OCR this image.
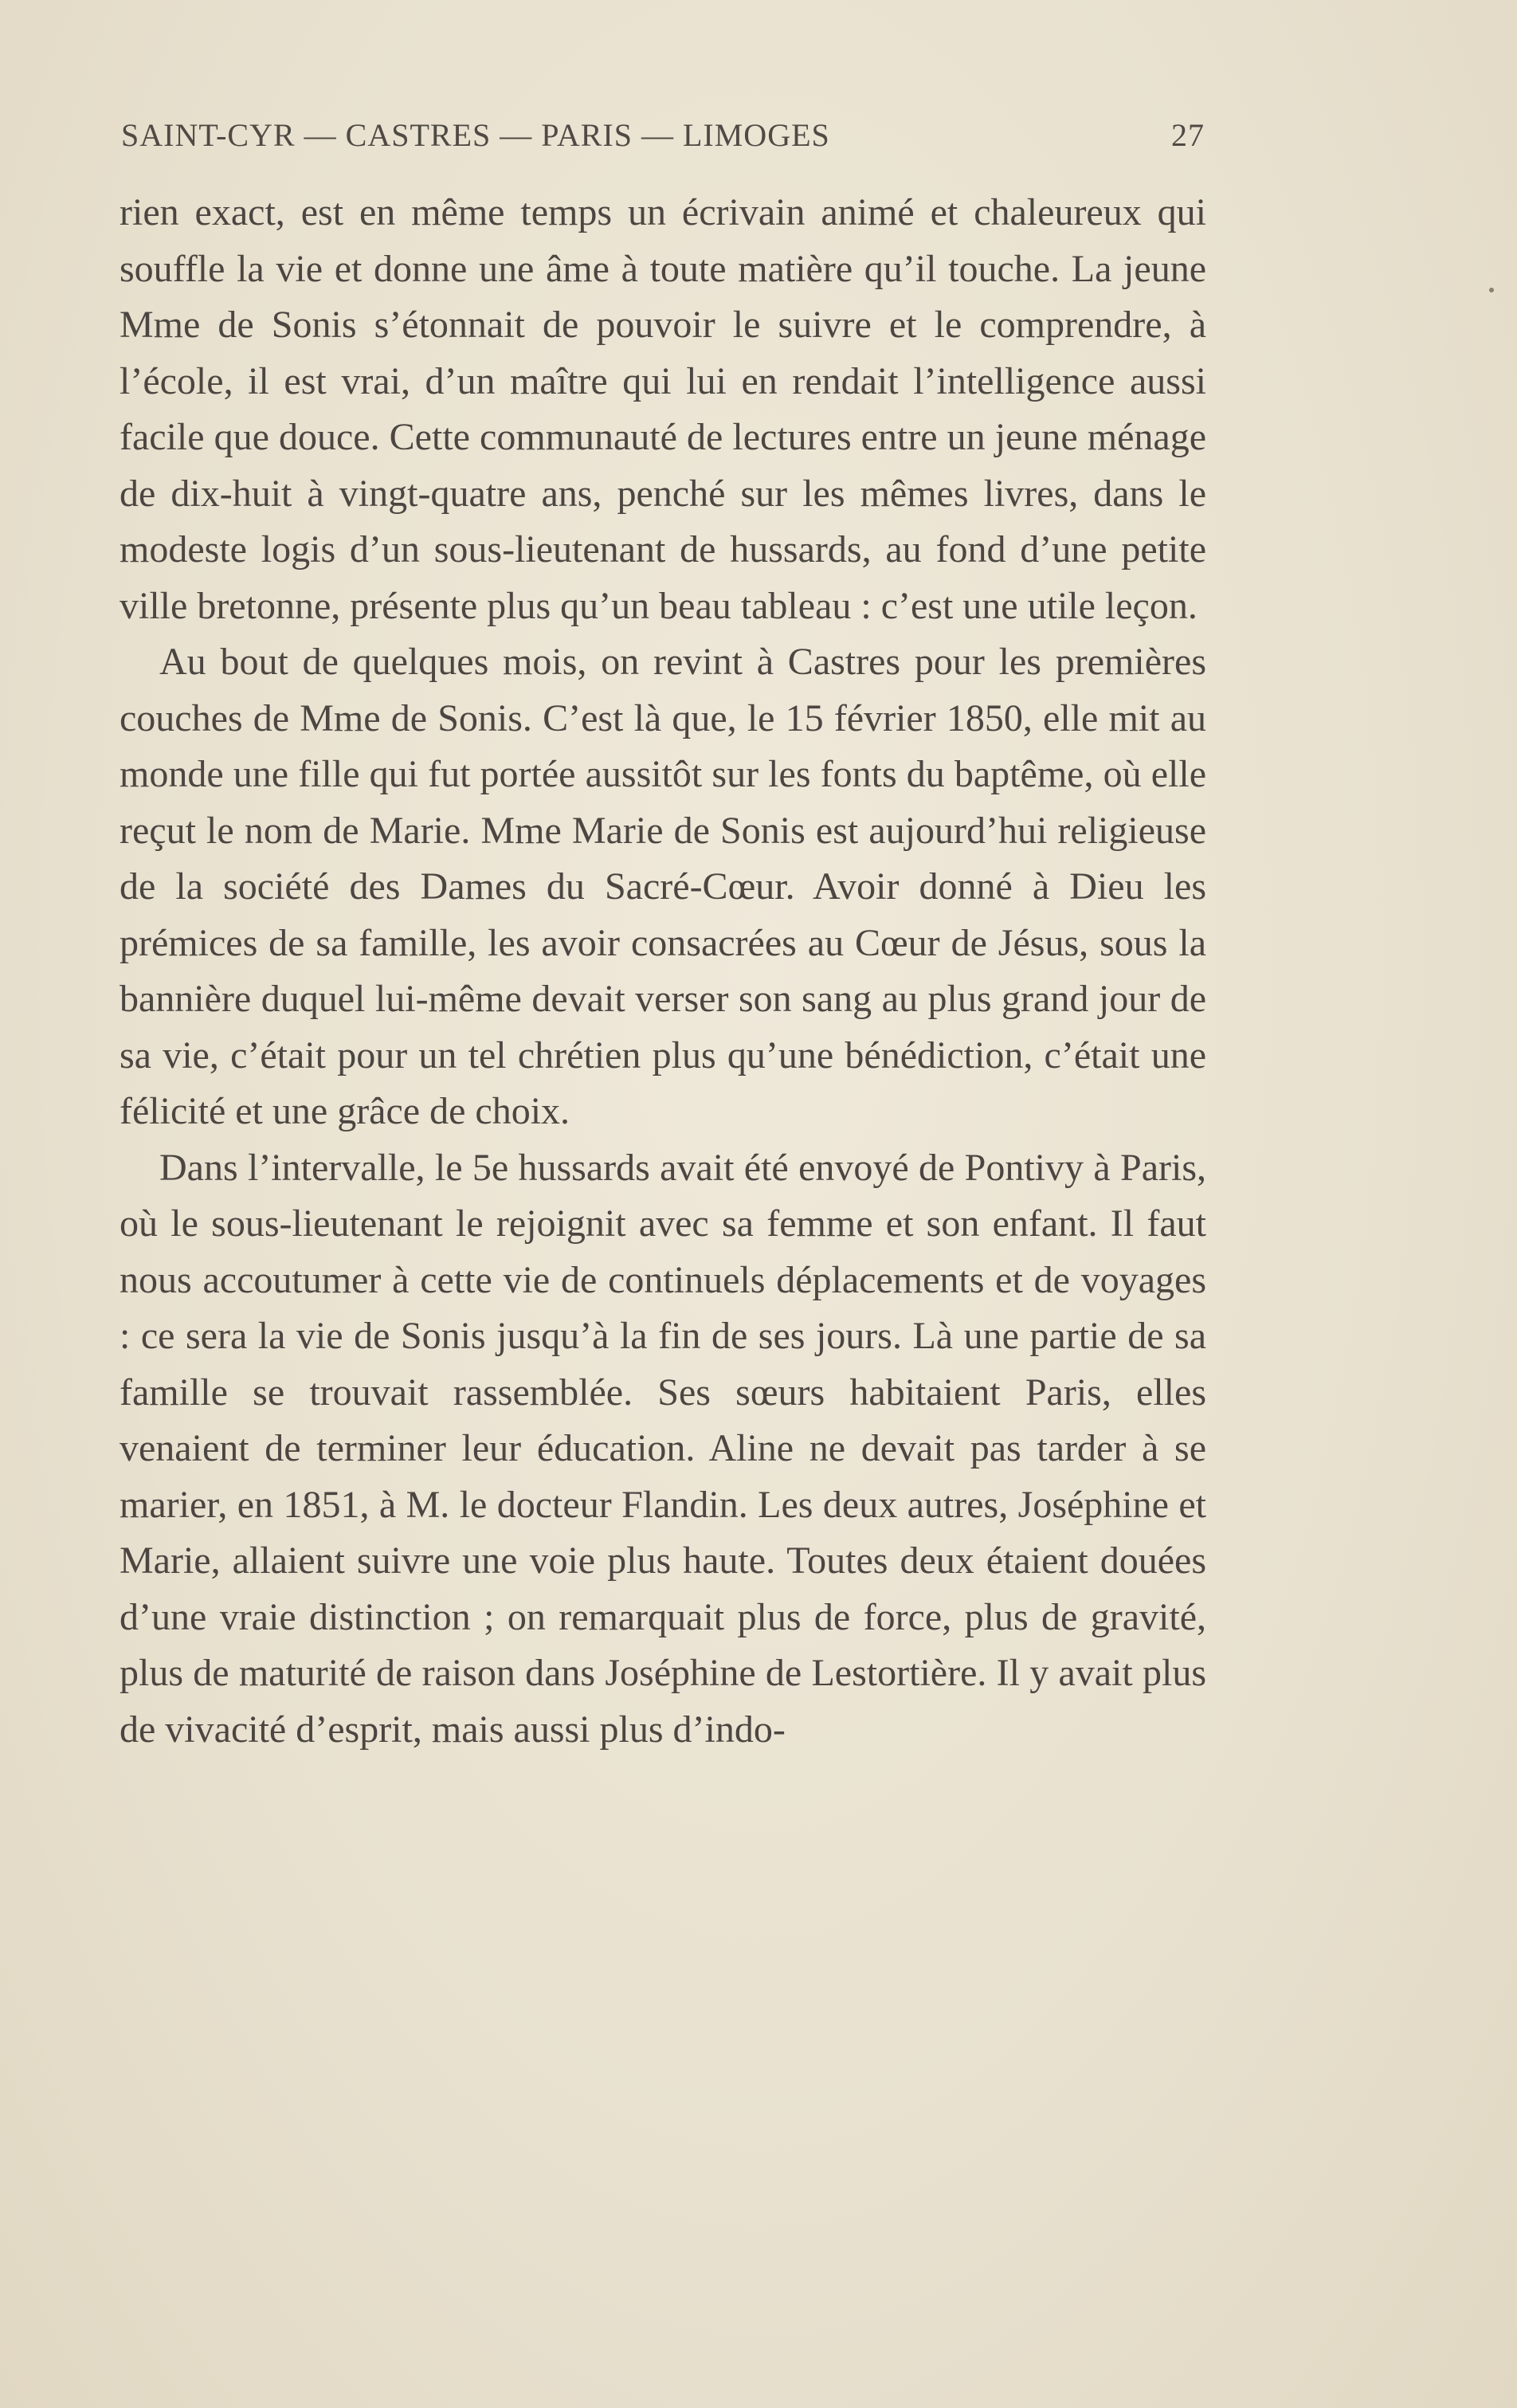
SAINT-CYR — CASTRES — PARIS — LIMOGES	27

rien exact, est en même temps un écrivain animé et chaleureux qui souffle la vie et donne une âme à toute matière qu’il touche. La jeune Mme de Sonis s’étonnait de pouvoir le suivre et le comprendre, à l’école, il est vrai, d’un maître qui lui en rendait l’intelligence aussi facile que douce. Cette communauté de lectures entre un jeune ménage de dix-huit à vingt-quatre ans, penché sur les mêmes livres, dans le modeste logis d’un sous-lieutenant de hussards, au fond d’une petite ville bretonne, présente plus qu’un beau tableau : c’est une utile leçon.

Au bout de quelques mois, on revint à Castres pour les premières couches de Mme de Sonis. C’est là que, le 15 février 1850, elle mit au monde une fille qui fut portée aussitôt sur les fonts du baptême, où elle reçut le nom de Marie. Mme Marie de Sonis est aujourd’hui religieuse de la société des Dames du Sacré-Cœur. Avoir donné à Dieu les prémices de sa famille, les avoir consacrées au Cœur de Jésus, sous la bannière duquel lui-même devait verser son sang au plus grand jour de sa vie, c’était pour un tel chrétien plus qu’une bénédiction, c’était une félicité et une grâce de choix.

Dans l’intervalle, le 5e hussards avait été envoyé de Pontivy à Paris, où le sous-lieutenant le rejoignit avec sa femme et son enfant. Il faut nous accoutumer à cette vie de continuels déplacements et de voyages : ce sera la vie de Sonis jusqu’à la fin de ses jours. Là une partie de sa famille se trouvait rassemblée. Ses sœurs habitaient Paris, elles venaient de terminer leur éducation. Aline ne devait pas tarder à se marier, en 1851, à M. le docteur Flandin. Les deux autres, Joséphine et Marie, allaient suivre une voie plus haute. Toutes deux étaient douées d’une vraie distinction ; on remarquait plus de force, plus de gravité, plus de maturité de raison dans Joséphine de Lestortière. Il y avait plus de vivacité d’esprit, mais aussi plus d’indo-
